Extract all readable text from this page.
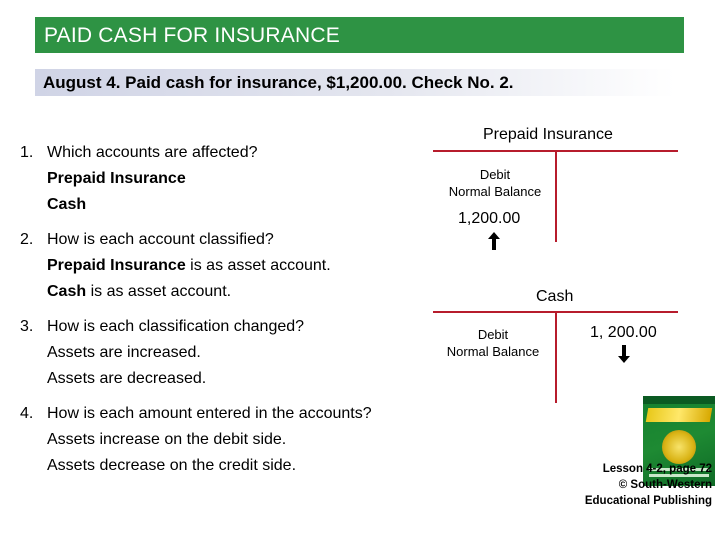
PAID CASH FOR INSURANCE
August 4. Paid cash for insurance, $1,200.00. Check No. 2.
1. Which accounts are affected?
Prepaid Insurance
Cash
2. How is each account classified?
Prepaid Insurance is as asset account.
Cash is as asset account.
3. How is each classification changed?
Assets are increased.
Assets are decreased.
4. How is each amount entered in the accounts?
Assets increase on the debit side.
Assets decrease on the credit side.
Prepaid Insurance
Debit
Normal Balance
1,200.00
Cash
Debit
Normal Balance
1, 200.00
Lesson 4-2, page 72
© South-Western
Educational Publishing
